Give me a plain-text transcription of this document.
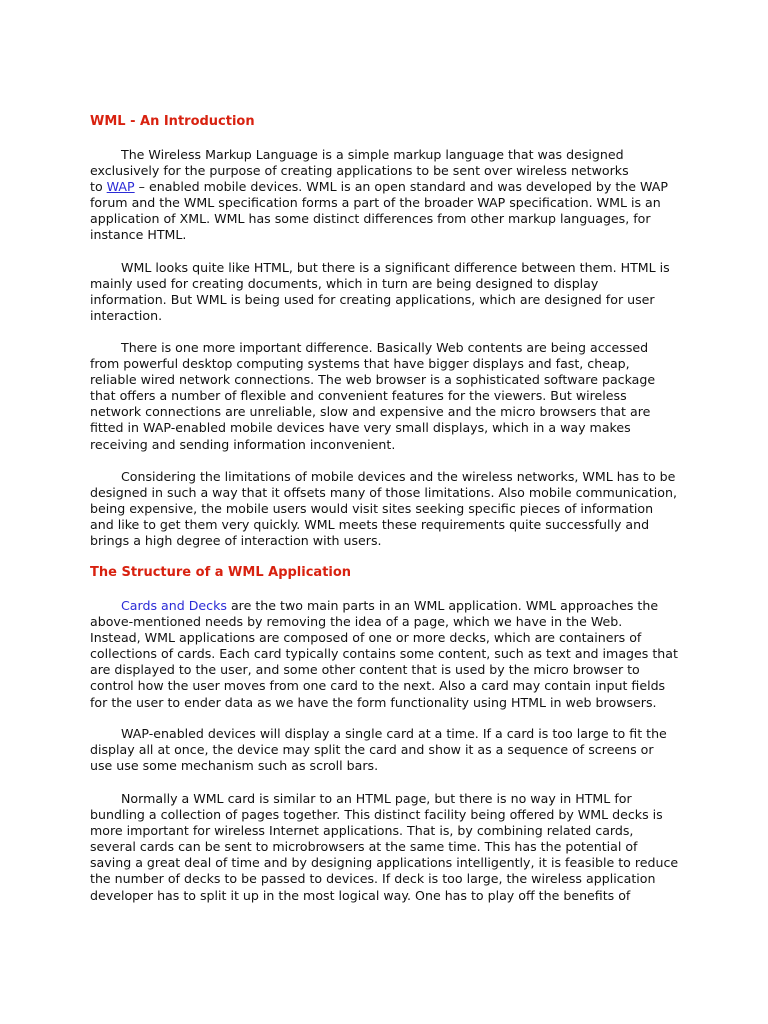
WML - An Introduction

The Wireless Markup Language is a simple markup language that was designed
exclusively for the purpose of creating applications to be sent over wireless networks
to WAP – enabled mobile devices. WML is an open standard and was developed by the WAP
forum and the WML specification forms a part of the broader WAP specification. WML is an
application of XML. WML has some distinct differences from other markup languages, for
instance HTML.

WML looks quite like HTML, but there is a significant difference between them. HTML is
mainly used for creating documents, which in turn are being designed to display
information. But WML is being used for creating applications, which are designed for user
interaction.

There is one more important difference. Basically Web contents are being accessed
from powerful desktop computing systems that have bigger displays and fast, cheap,
reliable wired network connections. The web browser is a sophisticated software package
that offers a number of flexible and convenient features for the viewers. But wireless
network connections are unreliable, slow and expensive and the micro browsers that are
fitted in WAP-enabled mobile devices have very small displays, which in a way makes
receiving and sending information inconvenient.

Considering the limitations of mobile devices and the wireless networks, WML has to be
designed in such a way that it offsets many of those limitations. Also mobile communication,
being expensive, the mobile users would visit sites seeking specific pieces of information
and like to get them very quickly. WML meets these requirements quite successfully and
brings a high degree of interaction with users.

The Structure of a WML Application

Cards and Decks are the two main parts in an WML application. WML approaches the
above-mentioned needs by removing the idea of a page, which we have in the Web.
Instead, WML applications are composed of one or more decks, which are containers of
collections of cards. Each card typically contains some content, such as text and images that
are displayed to the user, and some other content that is used by the micro browser to
control how the user moves from one card to the next. Also a card may contain input fields
for the user to ender data as we have the form functionality using HTML in web browsers.

WAP-enabled devices will display a single card at a time. If a card is too large to fit the
display all at once, the device may split the card and show it as a sequence of screens or
use use some mechanism such as scroll bars.

Normally a WML card is similar to an HTML page, but there is no way in HTML for
bundling a collection of pages together. This distinct facility being offered by WML decks is
more important for wireless Internet applications. That is, by combining related cards,
several cards can be sent to microbrowsers at the same time. This has the potential of
saving a great deal of time and by designing applications intelligently, it is feasible to reduce
the number of decks to be passed to devices. If deck is too large, the wireless application
developer has to split it up in the most logical way. One has to play off the benefits of
